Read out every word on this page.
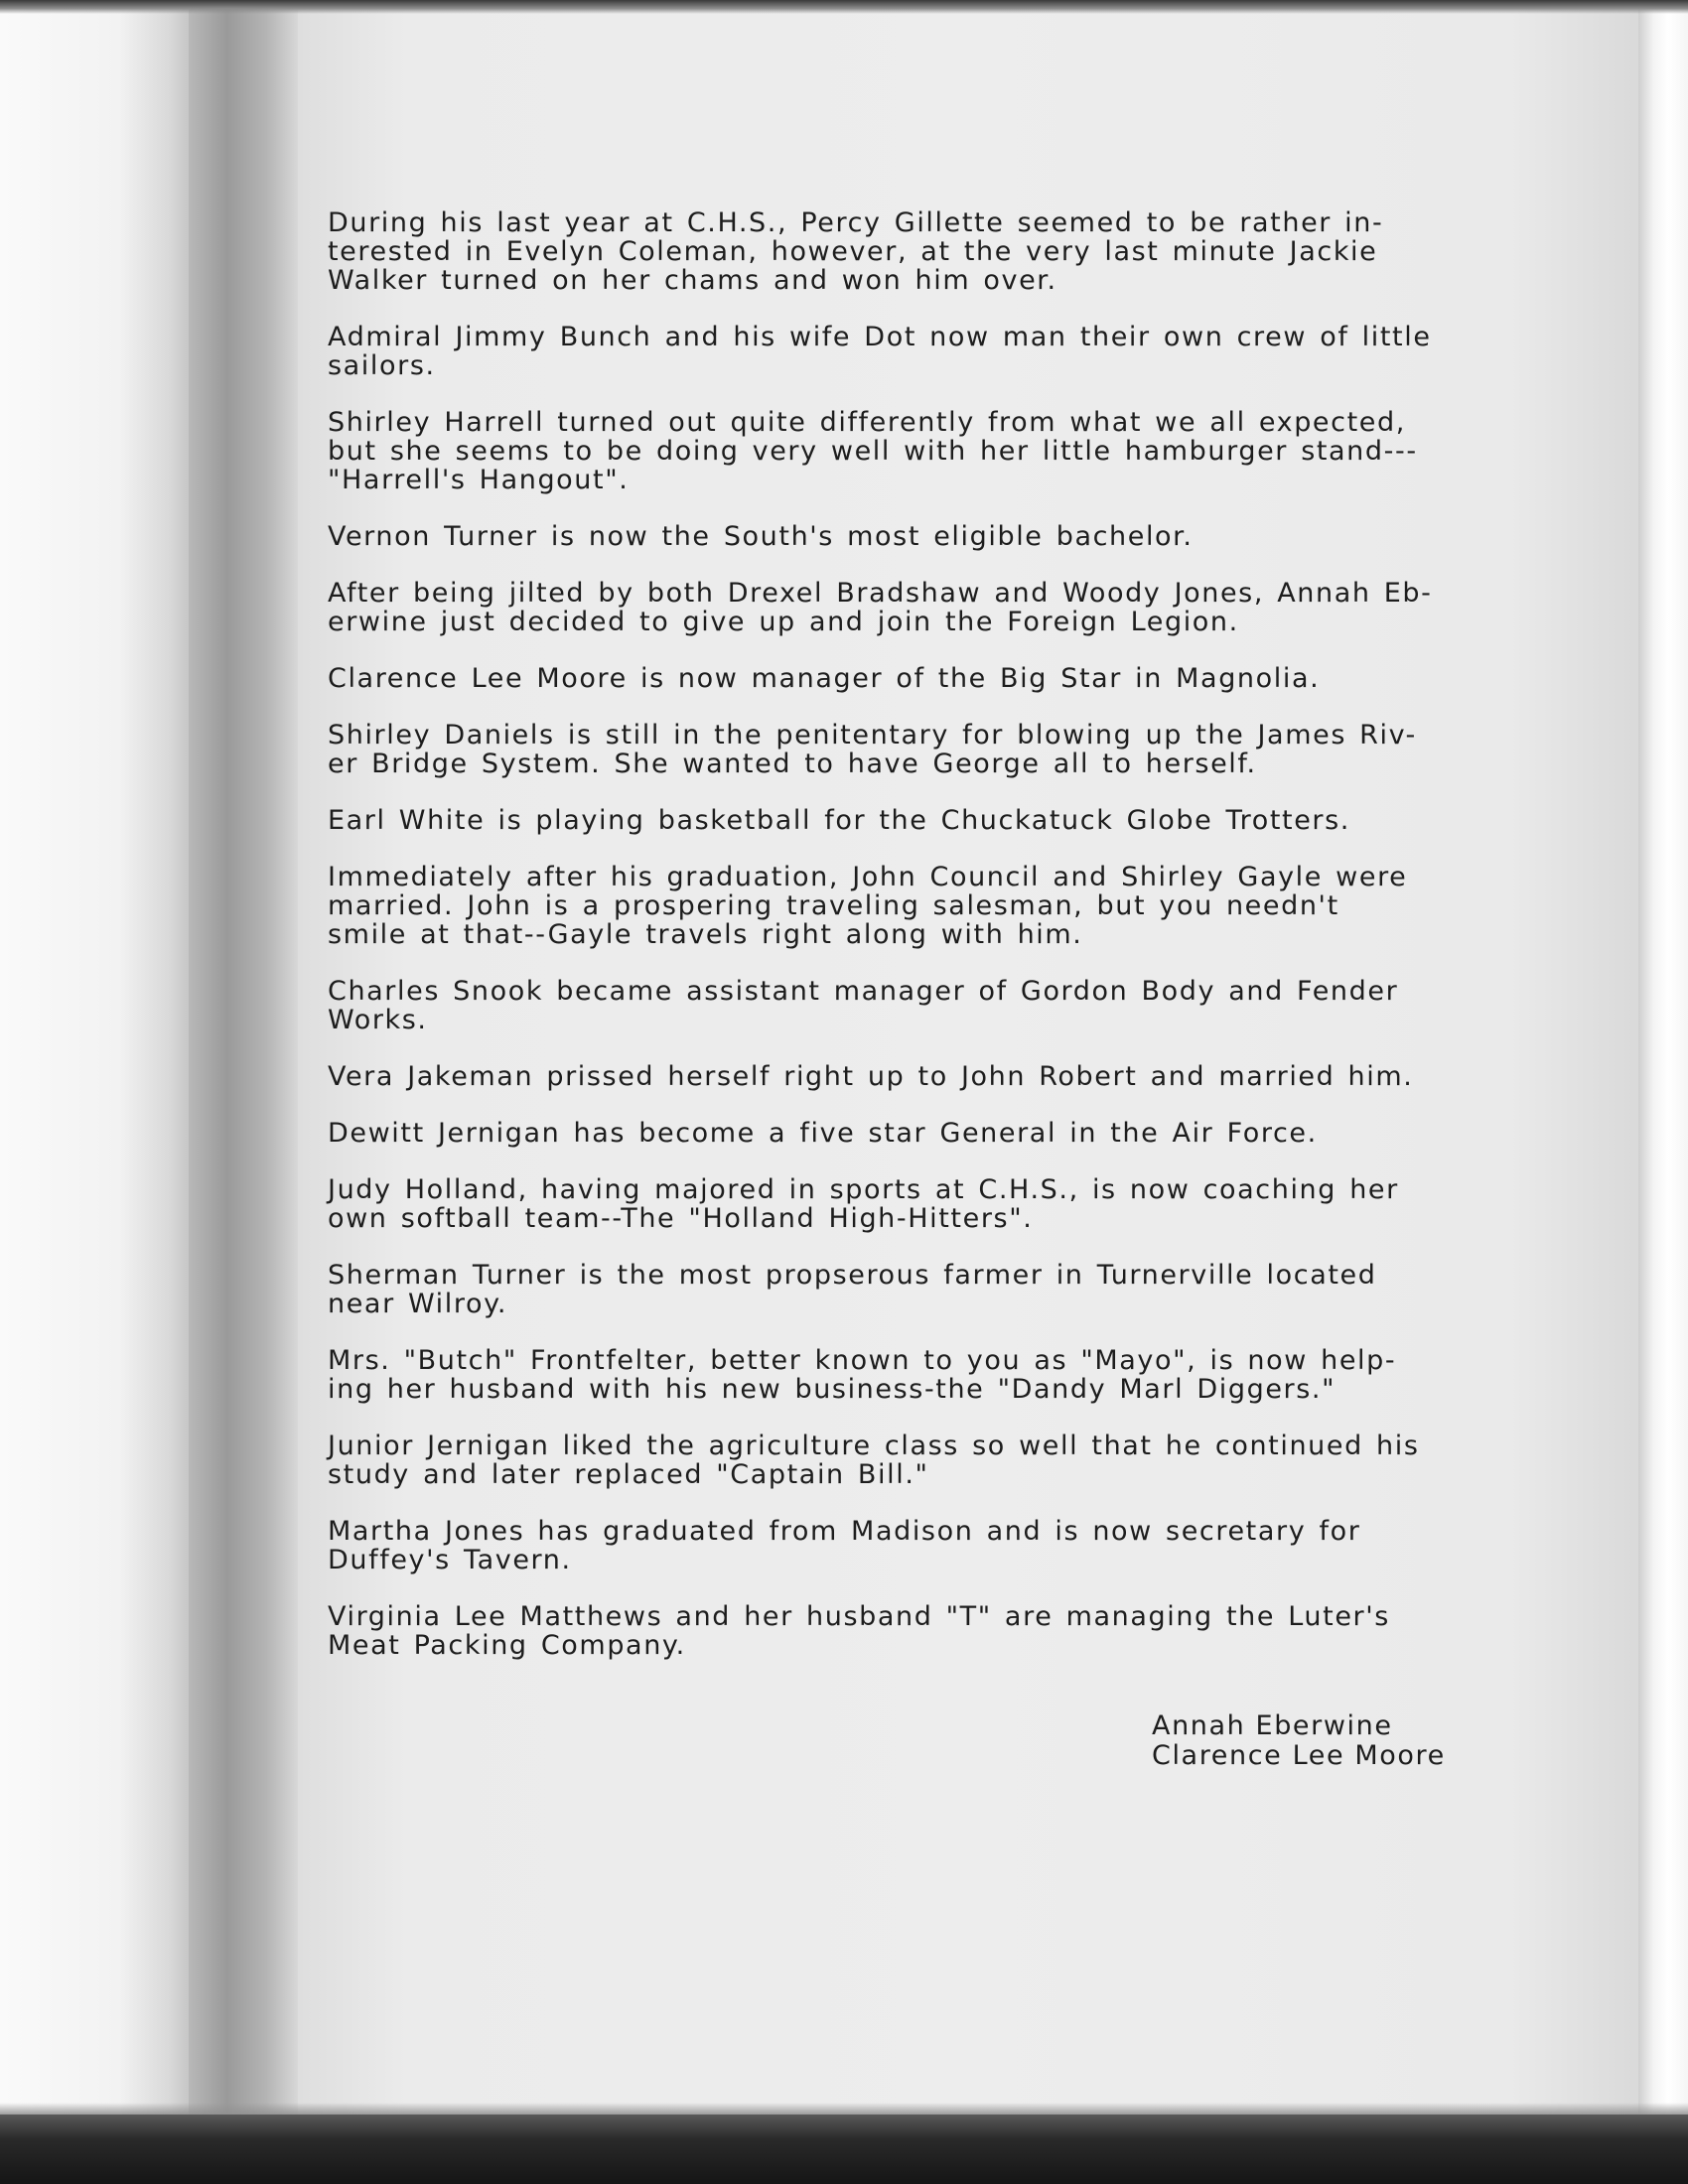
During his last year at C.H.S., Percy Gillette seemed to be rather in-
terested in Evelyn Coleman, however, at the very last minute Jackie
Walker turned on her chams and won him over.

Admiral Jimmy Bunch and his wife Dot now man their own crew of little
sailors.

Shirley Harrell turned out quite differently from what we all expected,
but she seems to be doing very well with her little hamburger stand---
"Harrell's Hangout".

Vernon Turner is now the South's most eligible bachelor.

After being jilted by both Drexel Bradshaw and Woody Jones, Annah Eb-
erwine just decided to give up and join the Foreign Legion.

Clarence Lee Moore is now manager of the Big Star in Magnolia.

Shirley Daniels is still in the penitentary for blowing up the James Riv-
er Bridge System. She wanted to have George all to herself.

Earl White is playing basketball for the Chuckatuck Globe Trotters.

Immediately after his graduation, John Council and Shirley Gayle were
married. John is a prospering traveling salesman, but you needn't
smile at that--Gayle travels right along with him.

Charles Snook became assistant manager of Gordon Body and Fender
Works.

Vera Jakeman prissed herself right up to John Robert and married him.

Dewitt Jernigan has become a five star General in the Air Force.

Judy Holland, having majored in sports at C.H.S., is now coaching her
own softball team--The "Holland High-Hitters".

Sherman Turner is the most propserous farmer in Turnerville located
near Wilroy.

Mrs. "Butch" Frontfelter, better known to you as "Mayo", is now help-
ing her husband with his new business-the "Dandy Marl Diggers."

Junior Jernigan liked the agriculture class so well that he continued his
study and later replaced "Captain Bill."

Martha Jones has graduated from Madison and is now secretary for
Duffey's Tavern.

Virginia Lee Matthews and her husband "T" are managing the Luter's
Meat Packing Company.

Annah Eberwine
Clarence Lee Moore
